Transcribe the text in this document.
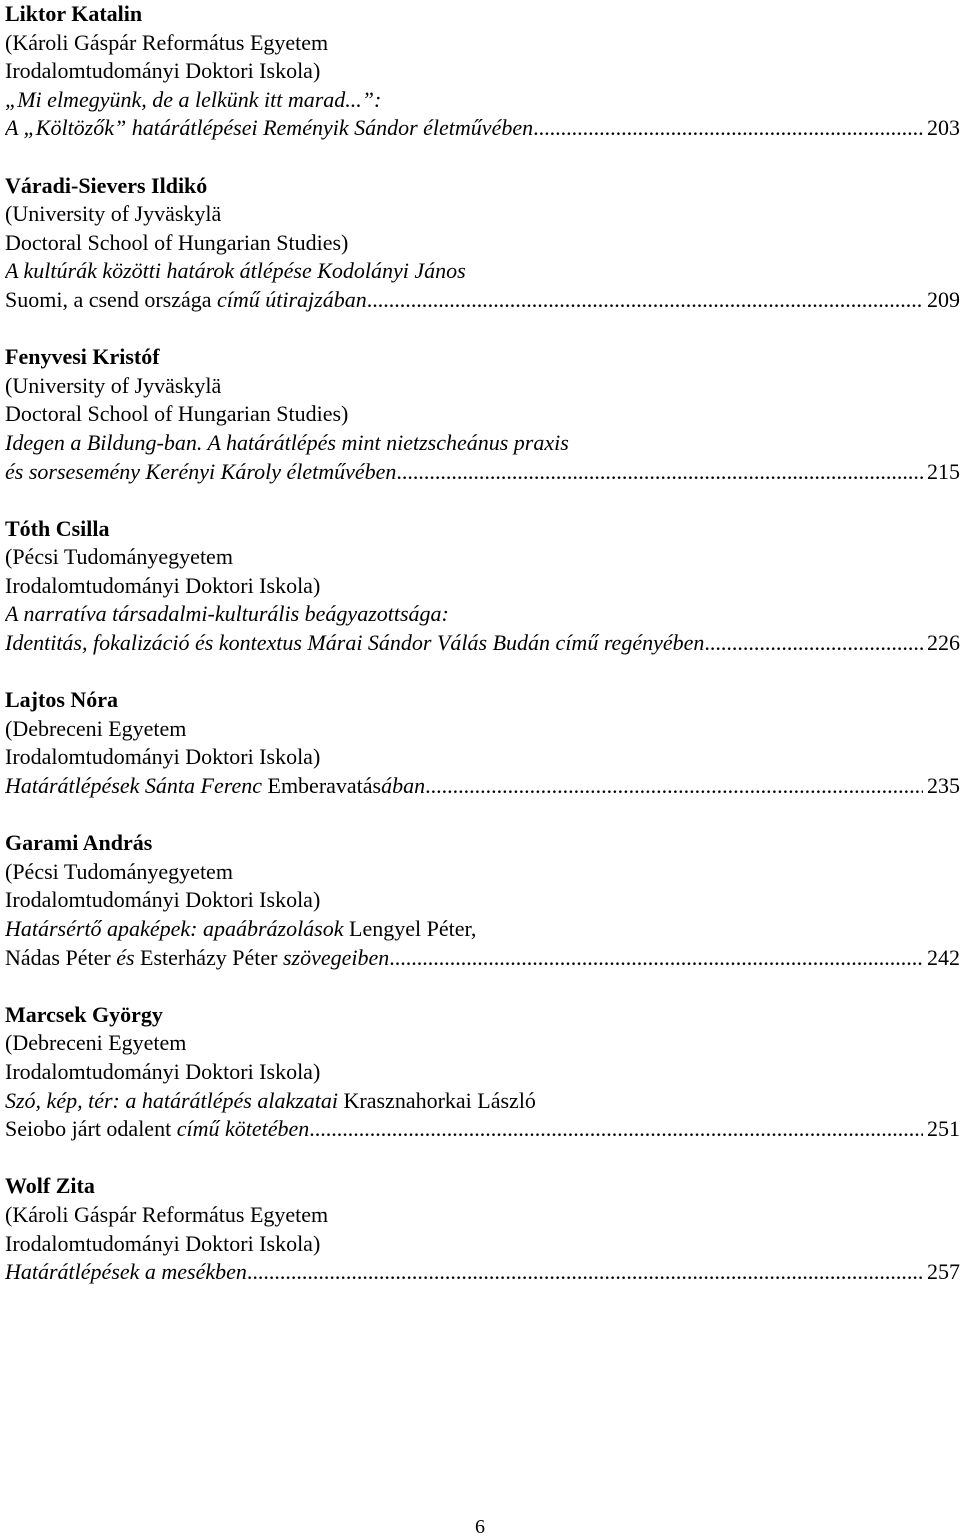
Liktor Katalin
(Károli Gáspár Református Egyetem
Irodalomtudományi Doktori Iskola)
„Mi elmegyünk, de a lelkünk itt marad...”:
A „Költözők” határátlépései Reményik Sándor életművében .....	203
Váradi-Sievers Ildikó
(University of Jyväskylä
Doctoral School of Hungarian Studies)
A kultúrák közötti határok átlépése Kodolányi János
Suomi, a csend országa című útirajzában .....	209
Fenyvesi Kristóf
(University of Jyväskylä
Doctoral School of Hungarian Studies)
Idegen a Bildung-ban. A határátlépés mint nietzscheánus praxis
és sorsesemény Kerényi Károly életművében .....	215
Tóth Csilla
(Pécsi Tudományegyetem
Irodalomtudományi Doktori Iskola)
A narratíva társadalmi-kulturális beágyazottsága:
Identitás, fokalizáció és kontextus Márai Sándor Válás Budán című regényében .....	226
Lajtos Nóra
(Debreceni Egyetem
Irodalomtudományi Doktori Iskola)
Határátlépések Sánta Ferenc Emberavatásában .....	235
Garami András
(Pécsi Tudományegyetem
Irodalomtudományi Doktori Iskola)
Határsértő apaképek: apaábrázolások Lengyel Péter,
Nádas Péter és Esterházy Péter szövegeiben .....	242
Marcsek György
(Debreceni Egyetem
Irodalomtudományi Doktori Iskola)
Szó, kép, tér: a határátlépés alakzatai Krasznahorkai László
Seiobo járt odalent című kötetében .....	251
Wolf Zita
(Károli Gáspár Református Egyetem
Irodalomtudományi Doktori Iskola)
Határátlépések a mesékben .....	257
6
